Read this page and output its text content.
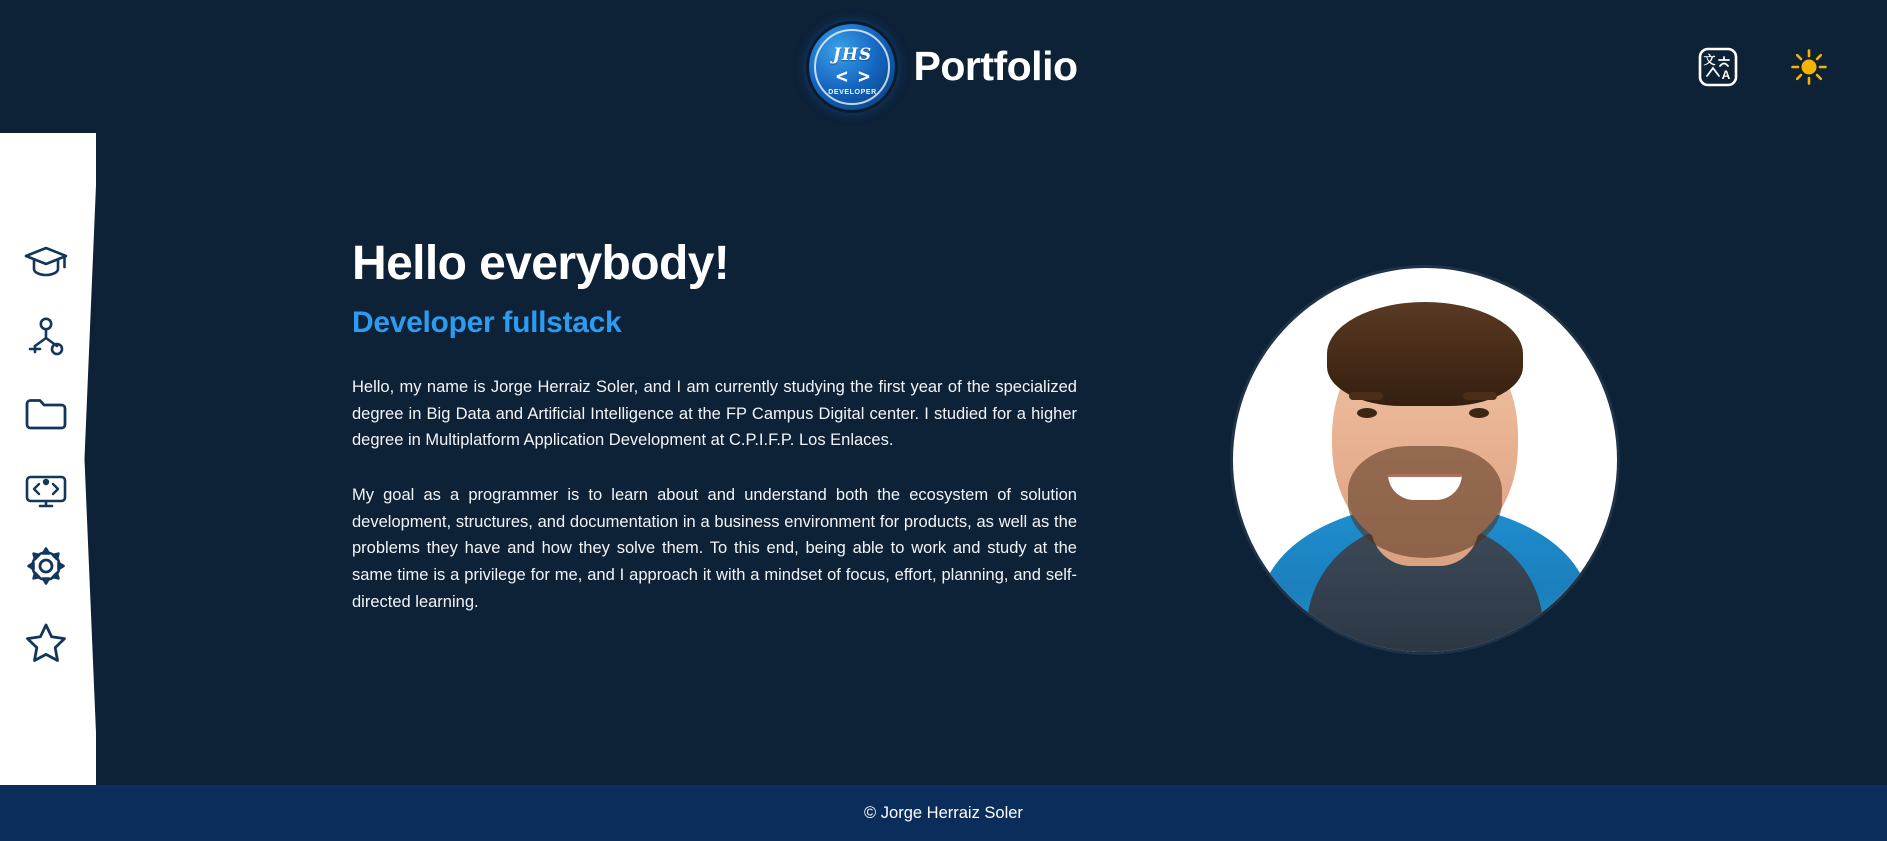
JHS
< >
DEVELOPER
Portfolio	文
A
Hello everybody!
Developer fullstack

Hello, my name is Jorge Herraiz Soler, and I am currently studying the first year of the specialized degree in Big Data and Artificial Intelligence at the FP Campus Digital center. I studied for a higher degree in Multiplatform Application Development at C.P.I.F.P. Los Enlaces.

My goal as a programmer is to learn about and understand both the ecosystem of solution development, structures, and documentation in a business environment for products, as well as the problems they have and how they solve them. To this end, being able to work and study at the same time is a privilege for me, and I approach it with a mindset of focus, effort, planning, and self-directed learning.

© Jorge Herraiz Soler
